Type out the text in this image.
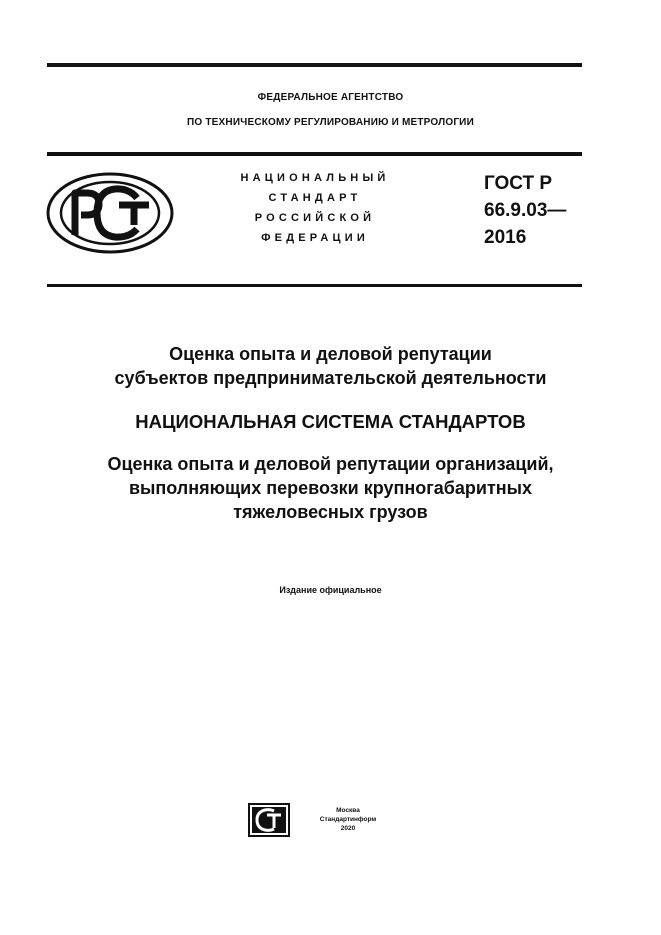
ФЕДЕРАЛЬНОЕ АГЕНТСТВО
ПО ТЕХНИЧЕСКОМУ РЕГУЛИРОВАНИЮ И МЕТРОЛОГИИ
НАЦИОНАЛЬНЫЙ
СТАНДАРТ
РОССИЙСКОЙ
ФЕДЕРАЦИИ
ГОСТ Р
66.9.03—
2016
Оценка опыта и деловой репутации
субъектов предпринимательской деятельности
НАЦИОНАЛЬНАЯ СИСТЕМА СТАНДАРТОВ
Оценка опыта и деловой репутации организаций,
выполняющих перевозки крупногабаритных
тяжеловесных грузов
Издание официальное
Москва
Стандартинформ
2020
